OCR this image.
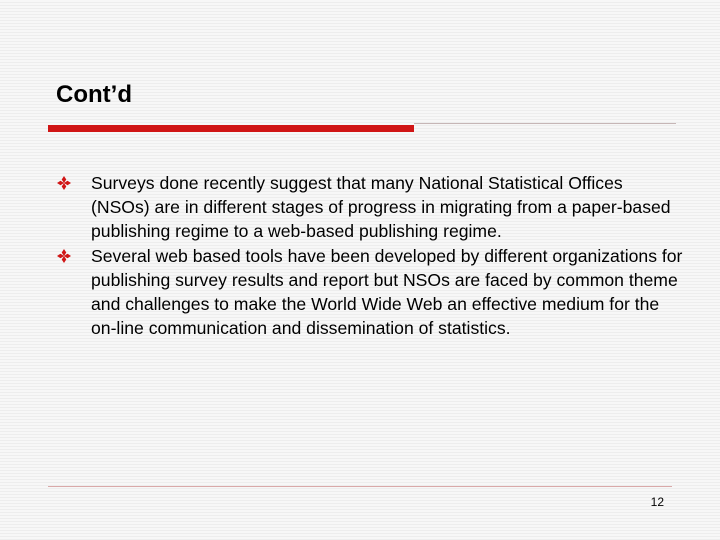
Cont’d
Surveys done recently suggest that many National Statistical Offices (NSOs) are in different stages of progress in migrating from a paper-based publishing regime to a web-based publishing regime.
Several web based tools have been developed by different organizations for publishing survey results and report but NSOs are faced by common theme and challenges to make the World Wide Web an effective medium for the on-line communication and dissemination of statistics.
12
